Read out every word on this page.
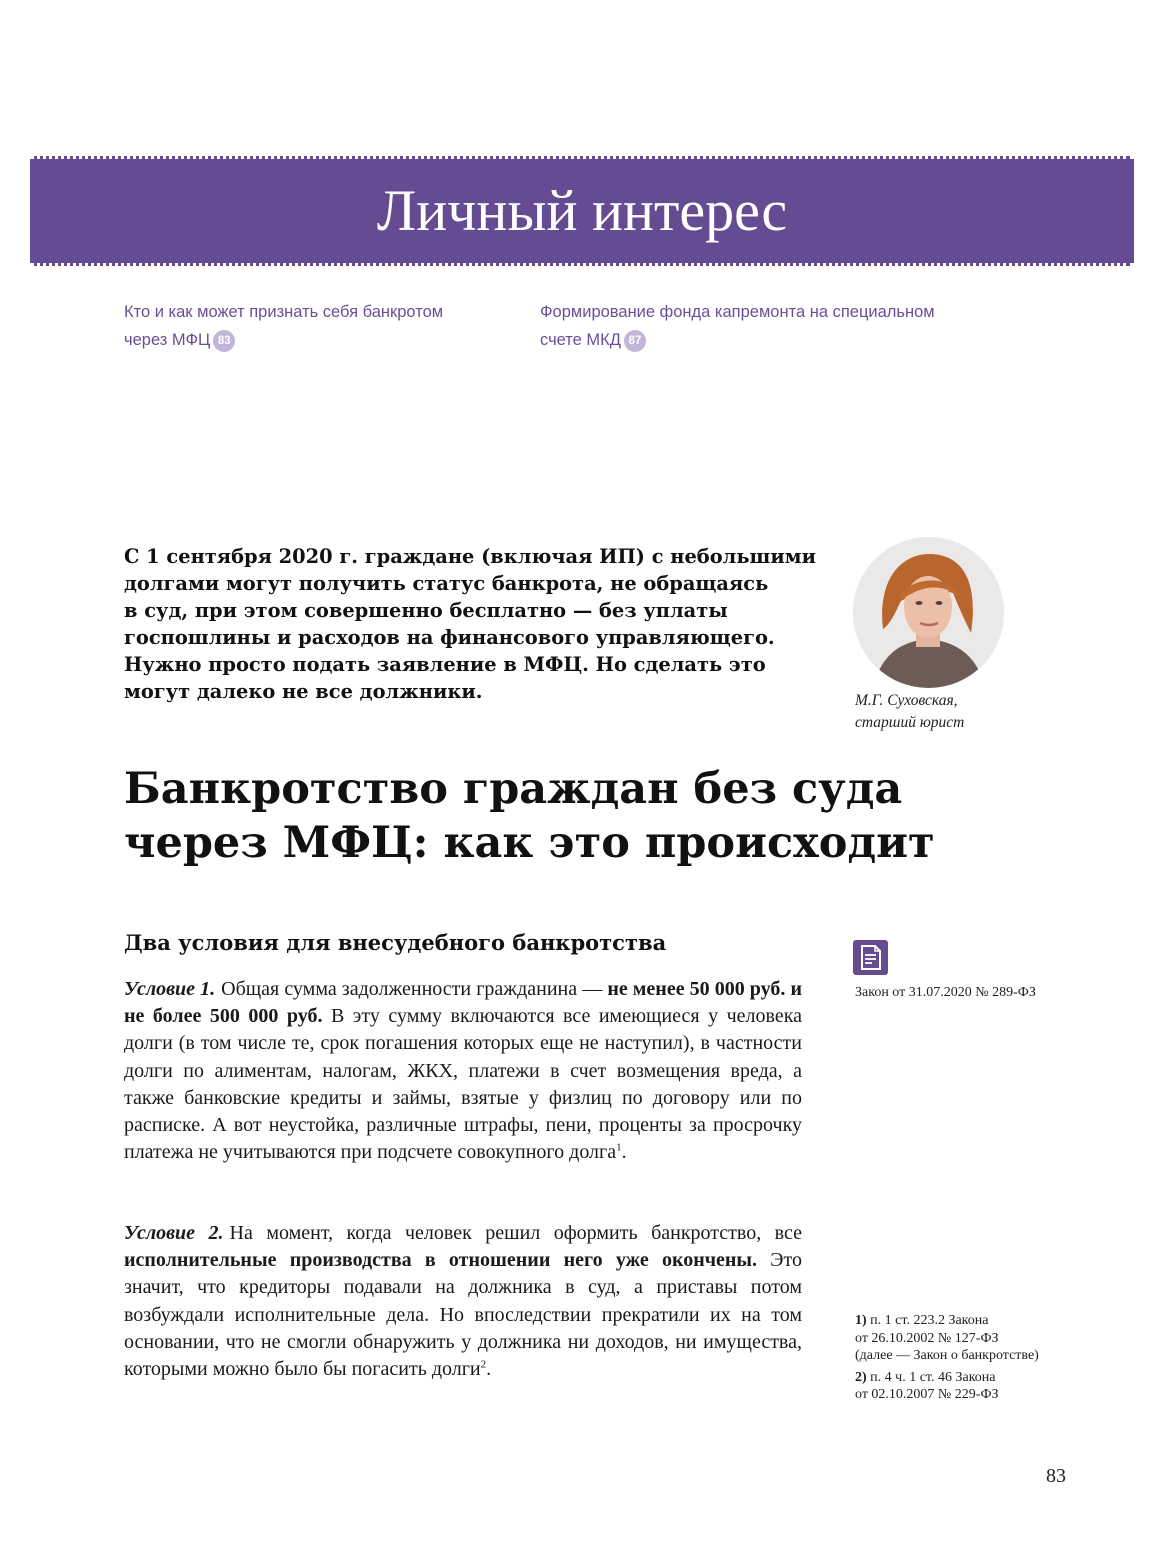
Личный интерес
Кто и как может признать себя банкротом
через МФЦ 83
Формирование фонда капремонта на специальном
счете МКД 87

С 1 сентября 2020 г. граждане (включая ИП) с небольшими

долгами могут получить статус банкрота, не обращаясь

в суд, при этом совершенно бесплатно — без уплаты

госпошлины и расходов на финансового управляющего.

Нужно просто подать заявление в МФЦ. Но сделать это

могут далеко не все должники.	М.Г. Суховская,
старший юрист
Банкротство граждан без суда
через МФЦ: как это происходит
Два условия для внесудебного банкротства

Условие 1. Общая сумма задолженности гражданина — не менее 50 000 руб. и не более 500 000 руб. В эту сумму включаются все имеющиеся у человека долги (в том числе те, срок погашения которых еще не наступил), в частности долги по алиментам, налогам, ЖКХ, платежи в счет возмещения вреда, а также банковские кредиты и займы, взятые у физлиц по договору или по расписке. А вот неустойка, различные штрафы, пени, проценты за просрочку платежа не учитываются при подсчете совокупного долга$^1$.

Условие 2. На момент, когда человек решил оформить банкротство, все исполнительные производства в отношении него уже окончены. Это значит, что кредиторы подавали на должника в суд, а приставы потом возбуждали исполнительные дела. Но впоследствии прекратили их на том основании, что не смогли обнаружить у должника ни доходов, ни имущества, которыми можно было бы погасить долги$^2$.

Закон от 31.07.2020 № 289-ФЗ
1) п. 1 ст. 223.2 Закона
от 26.10.2002 № 127-ФЗ
(далее — Закон о банкротстве)
2) п. 4 ч. 1 ст. 46 Закона
от 02.10.2007 № 229-ФЗ
83
